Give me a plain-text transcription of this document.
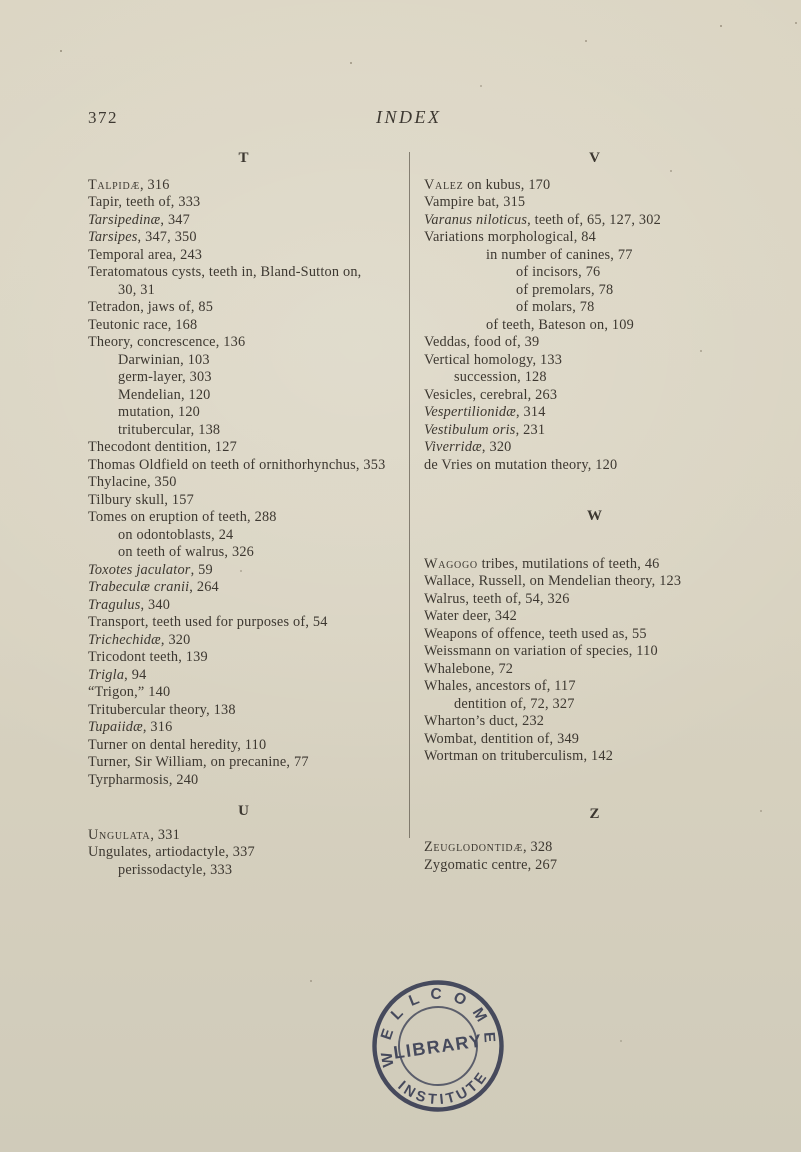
372	INDEX
T
Talpidæ, 316
Tapir, teeth of, 333
Tarsipedinæ, 347
Tarsipes, 347, 350
Temporal area, 243
Teratomatous cysts, teeth in, Bland-Sutton on,
30, 31
Tetradon, jaws of, 85
Teutonic race, 168
Theory, concrescence, 136
Darwinian, 103
germ-layer, 303
Mendelian, 120
mutation, 120
tritubercular, 138
Thecodont dentition, 127
Thomas Oldfield on teeth of ornithorhynchus, 353
Thylacine, 350
Tilbury skull, 157
Tomes on eruption of teeth, 288
on odontoblasts, 24
on teeth of walrus, 326
Toxotes jaculator, 59
Trabeculæ cranii, 264
Tragulus, 340
Transport, teeth used for purposes of, 54
Trichechidæ, 320
Tricodont teeth, 139
Trigla, 94
“Trigon,” 140
Tritubercular theory, 138
Tupaiidæ, 316
Turner on dental heredity, 110
Turner, Sir William, on precanine, 77
Tyrpharmosis, 240
U
Ungulata, 331
Ungulates, artiodactyle, 337
perissodactyle, 333
V
Valez on kubus, 170
Vampire bat, 315
Varanus niloticus, teeth of, 65, 127, 302
Variations morphological, 84
in number of canines, 77
of incisors, 76
of premolars, 78
of molars, 78
of teeth, Bateson on, 109
Veddas, food of, 39
Vertical homology, 133
succession, 128
Vesicles, cerebral, 263
Vespertilionidæ, 314
Vestibulum oris, 231
Viverridæ, 320
de Vries on mutation theory, 120
W
Wagogo tribes, mutilations of teeth, 46
Wallace, Russell, on Mendelian theory, 123
Walrus, teeth of, 54, 326
Water deer, 342
Weapons of offence, teeth used as, 55
Weissmann on variation of species, 110
Whalebone, 72
Whales, ancestors of, 117
dentition of, 72, 327
Wharton’s duct, 232
Wombat, dentition of, 349
Wortman on trituberculism, 142
Z
Zeuglodontidæ, 328
Zygomatic centre, 267
WELLCOME
LIBRARY
INSTITUTE
